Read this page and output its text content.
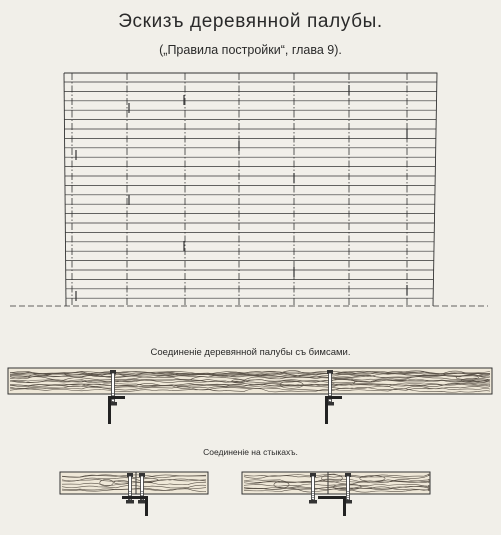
Эскизъ деревянной палубы.
(„Правила постройки“, глава 9).
Соединеніе деревянной палубы съ бимсами.
Соединеніе на стыкахъ.
